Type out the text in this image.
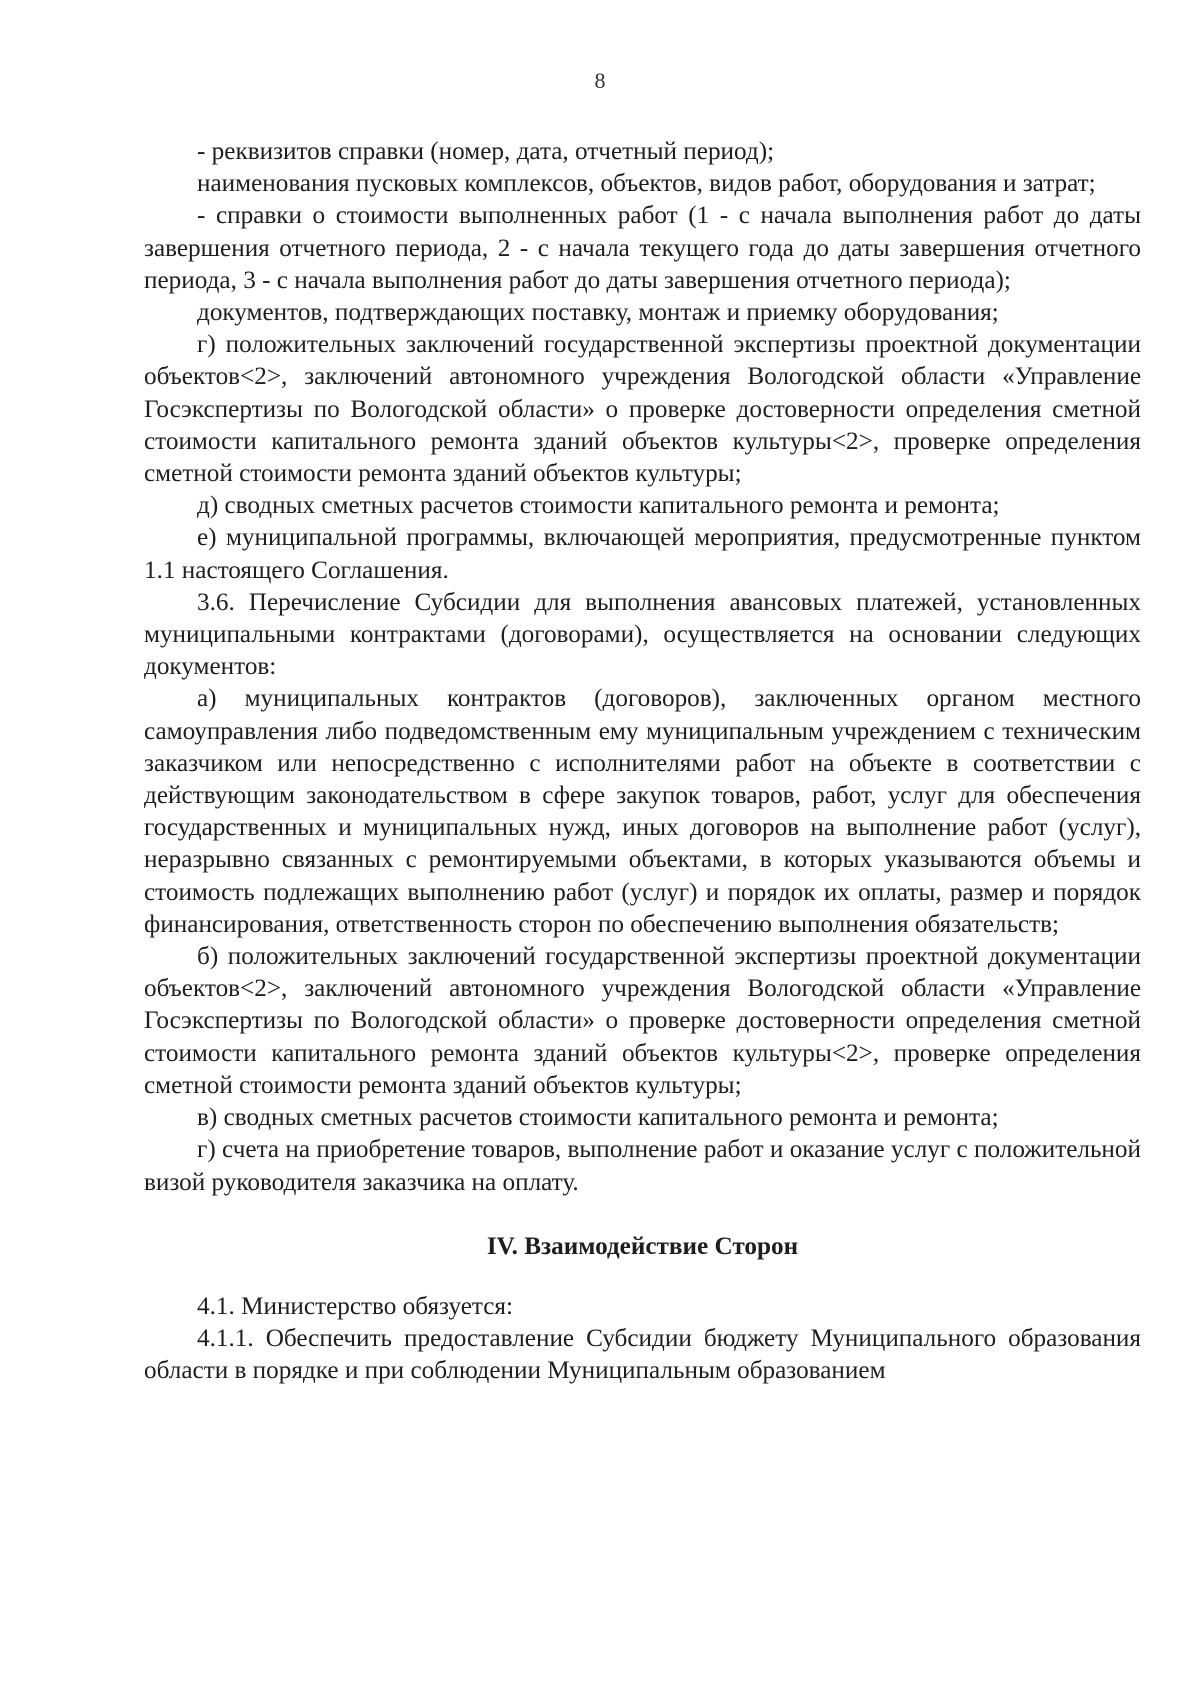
8

- реквизитов справки (номер, дата, отчетный период);

наименования пусковых комплексов, объектов, видов работ, оборудования и затрат;

- справки о стоимости выполненных работ (1 - с начала выполнения работ до даты завершения отчетного периода, 2 - с начала текущего года до даты завершения отчетного периода, 3 - с начала выполнения работ до даты завершения отчетного периода);

документов, подтверждающих поставку, монтаж и приемку оборудования;

г) положительных заключений государственной экспертизы проектной документации объектов<2>, заключений автономного учреждения Вологодской области «Управление Госэкспертизы по Вологодской области» о проверке достоверности определения сметной стоимости капитального ремонта зданий объектов культуры<2>, проверке определения сметной стоимости ремонта зданий объектов культуры;

д) сводных сметных расчетов стоимости капитального ремонта и ремонта;

е) муниципальной программы, включающей мероприятия, предусмотренные пунктом 1.1 настоящего Соглашения.

3.6. Перечисление Субсидии для выполнения авансовых платежей, установленных муниципальными контрактами (договорами), осуществляется на основании следующих документов:

а) муниципальных контрактов (договоров), заключенных органом местного самоуправления либо подведомственным ему муниципальным учреждением с техническим заказчиком или непосредственно с исполнителями работ на объекте в соответствии с действующим законодательством в сфере закупок товаров, работ, услуг для обеспечения государственных и муниципальных нужд, иных договоров на выполнение работ (услуг), неразрывно связанных с ремонтируемыми объектами, в которых указываются объемы и стоимость подлежащих выполнению работ (услуг) и порядок их оплаты, размер и порядок финансирования, ответственность сторон по обеспечению выполнения обязательств;

б) положительных заключений государственной экспертизы проектной документации объектов<2>, заключений автономного учреждения Вологодской области «Управление Госэкспертизы по Вологодской области» о проверке достоверности определения сметной стоимости капитального ремонта зданий объектов культуры<2>, проверке определения сметной стоимости ремонта зданий объектов культуры;

в) сводных сметных расчетов стоимости капитального ремонта и ремонта;

г) счета на приобретение товаров, выполнение работ и оказание услуг с положительной визой руководителя заказчика на оплату.

IV. Взаимодействие Сторон

4.1. Министерство обязуется:

4.1.1. Обеспечить предоставление Субсидии бюджету Муниципального образования области в порядке и при соблюдении Муниципальным образованием
